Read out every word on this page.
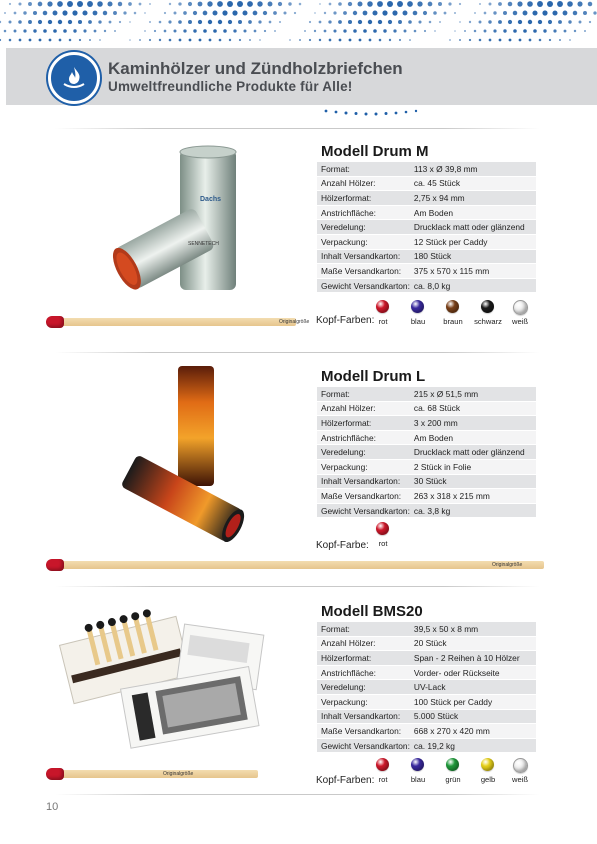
Kaminhölzer und Zündholzbriefchen
Umweltfreundliche Produkte für Alle!
Dachs
SENNETECH
Modell Drum M
Format:	113 x Ø 39,8 mm
Anzahl Hölzer:	ca. 45 Stück
Hölzerformat:	2,75 x 94 mm
Anstrichfläche:	Am Boden
Veredelung:	Drucklack matt oder glänzend
Verpackung:	12 Stück per Caddy
Inhalt Versandkarton:	180 Stück
Maße Versandkarton:	375 x 570 x 115 mm
Gewicht Versandkarton:	ca. 8,0 kg
Originalgröße Kopf-Farben: rot	blau	braun	schwarz	weiß
Modell Drum L
Format:	215 x Ø 51,5 mm
Anzahl Hölzer:	ca. 68 Stück
Hölzerformat:	3 x 200 mm
Anstrichfläche:	Am Boden
Veredelung:	Drucklack matt oder glänzend
Verpackung:	2 Stück in Folie
Inhalt Versandkarton:	30 Stück
Maße Versandkarton:	263 x 318 x 215 mm
Gewicht Versandkarton:	ca. 3,8 kg
Kopf-Farbe:	rot
Originalgröße
Modell BMS20
Format:	39,5 x 50 x 8 mm
Anzahl Hölzer:	20 Stück
Hölzerformat:	Span - 2 Reihen à 10 Hölzer
Anstrichfläche:	Vorder- oder Rückseite
Veredelung:	UV-Lack
Verpackung:	100 Stück per Caddy
Inhalt Versandkarton:	5.000 Stück
Maße Versandkarton:	668 x 270 x 420 mm
Gewicht Versandkarton:	ca. 19,2 kg
Originalgröße
Kopf-Farben: rot	blau	grün	gelb	weiß
10
